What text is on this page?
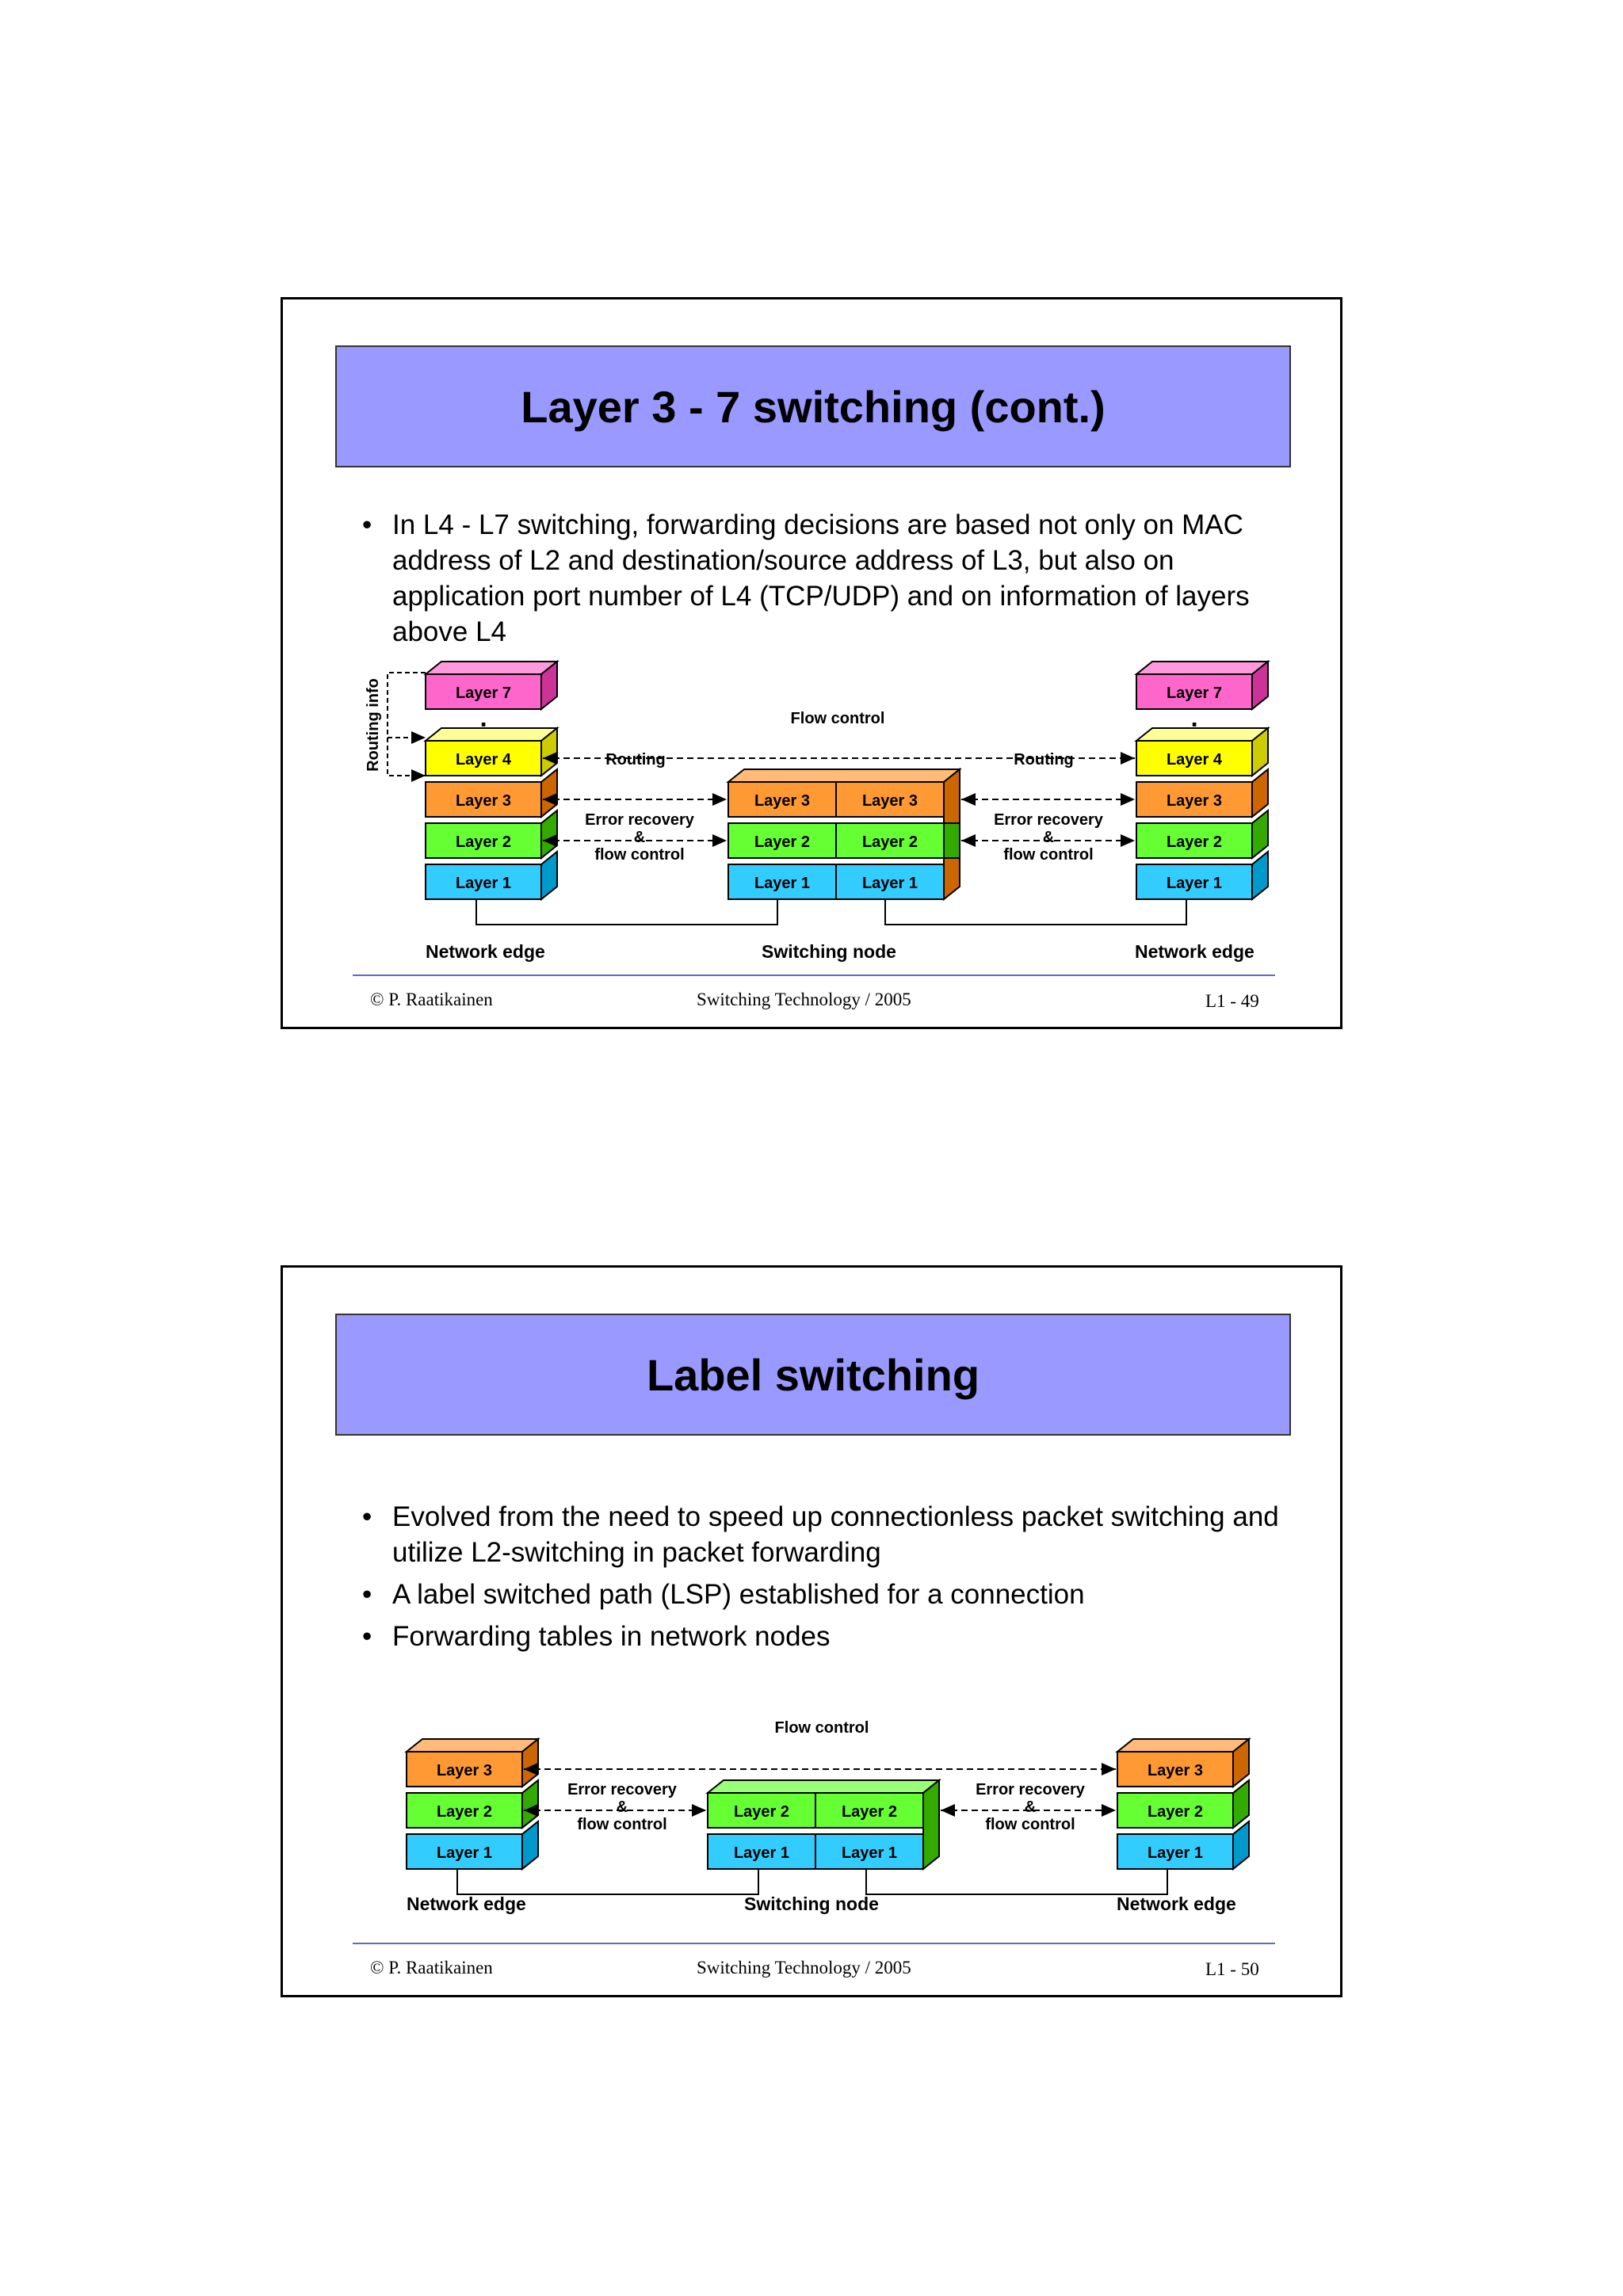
Layer 3 - 7 switching (cont.)
• In L4 - L7 switching, forwarding decisions are based not only on MAC address of L2 and destination/source address of L3, but also on application port number of L4 (TCP/UDP) and on information of layers above L4
Routing info	Layer 7
Layer 4
Layer 3
Layer 2
Layer 1
Layer 3	Layer 3
Layer 2	Layer 2
Layer 1	Layer 1
Layer 7
Layer 4
Layer 3
Layer 2
Layer 1
Flow control
Routing	Routing
Error recovery
&
flow control
Error recovery
&
flow control
Network edge	Switching node	Network edge
© P. Raatikainen	Switching Technology / 2005	L1 - 49
Label switching
• Evolved from the need to speed up connectionless packet switching and utilize L2-switching in packet forwarding
• A label switched path (LSP) established for a connection
• Forwarding tables in network nodes
Layer 3
Layer 2
Layer 1
Layer 2	Layer 2
Layer 1	Layer 1
Layer 3
Layer 2
Layer 1
Flow control
Error recovery
&
flow control
Error recovery
&
flow control
Network edge	Switching node	Network edge
© P. Raatikainen	Switching Technology / 2005	L1 - 50
